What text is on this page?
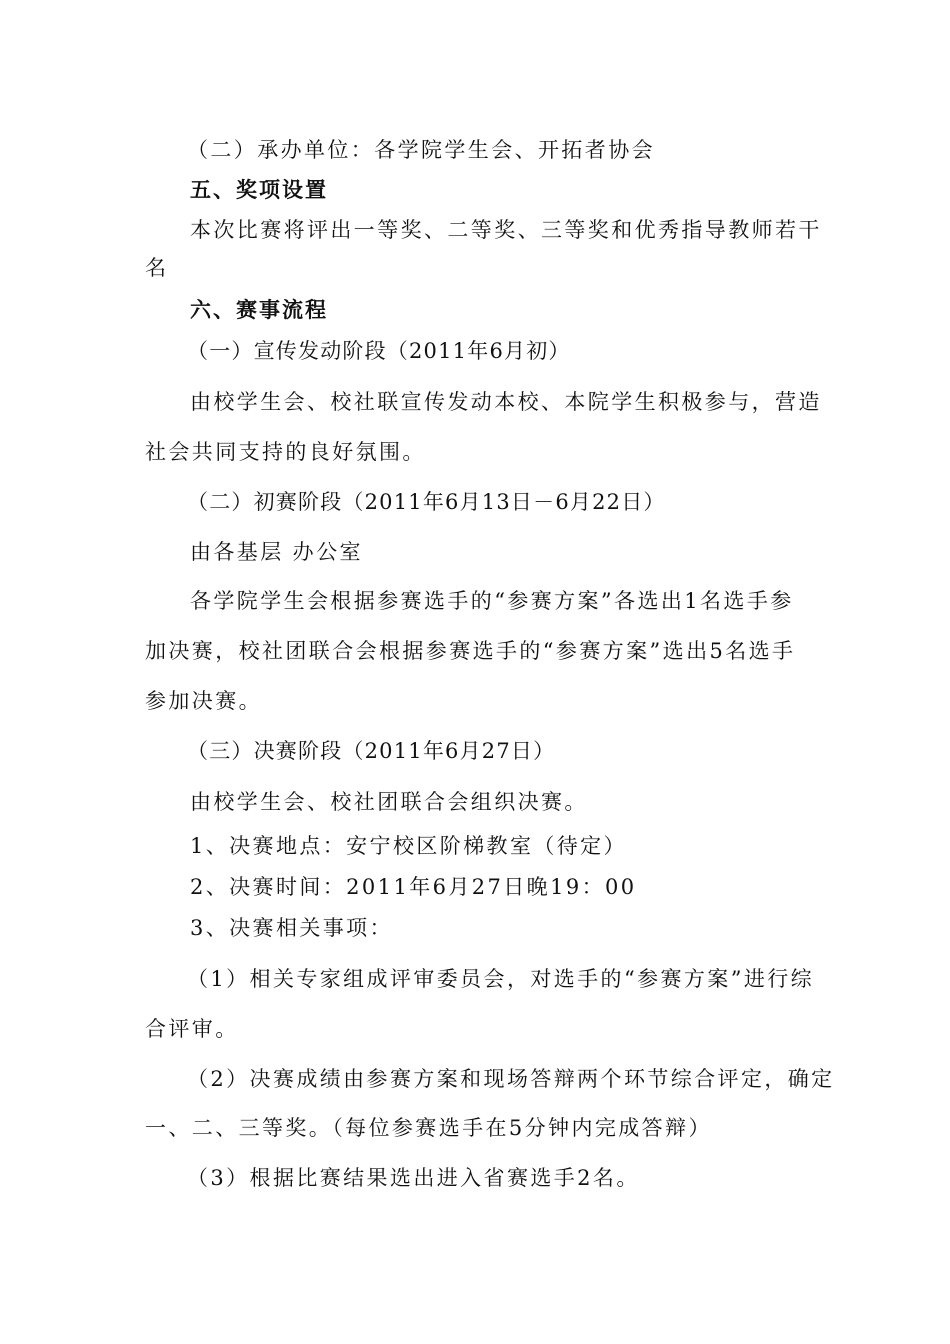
（二）承办单位：各学院学生会、开拓者协会
五、奖项设置
本次比赛将评出一等奖、二等奖、三等奖和优秀指导教师若干
名
六、赛事流程
（一）宣传发动阶段（2011年6月初）
由校学生会、校社联宣传发动本校、本院学生积极参与，营造
社会共同支持的良好氛围。
（二）初赛阶段（2011年6月13日－6月22日）
由各基层 办公室
各学院学生会根据参赛选手的“参赛方案”各选出1名选手参
加决赛，校社团联合会根据参赛选手的“参赛方案”选出5名选手
参加决赛。
（三）决赛阶段（2011年6月27日）
由校学生会、校社团联合会组织决赛。
1、决赛地点：安宁校区阶梯教室（待定）
2、决赛时间：2011年6月27日晚19：00
3、决赛相关事项：
（1）相关专家组成评审委员会，对选手的“参赛方案”进行综
合评审。
（2）决赛成绩由参赛方案和现场答辩两个环节综合评定，确定
一、二、三等奖。（每位参赛选手在5分钟内完成答辩）
（3）根据比赛结果选出进入省赛选手2名。
